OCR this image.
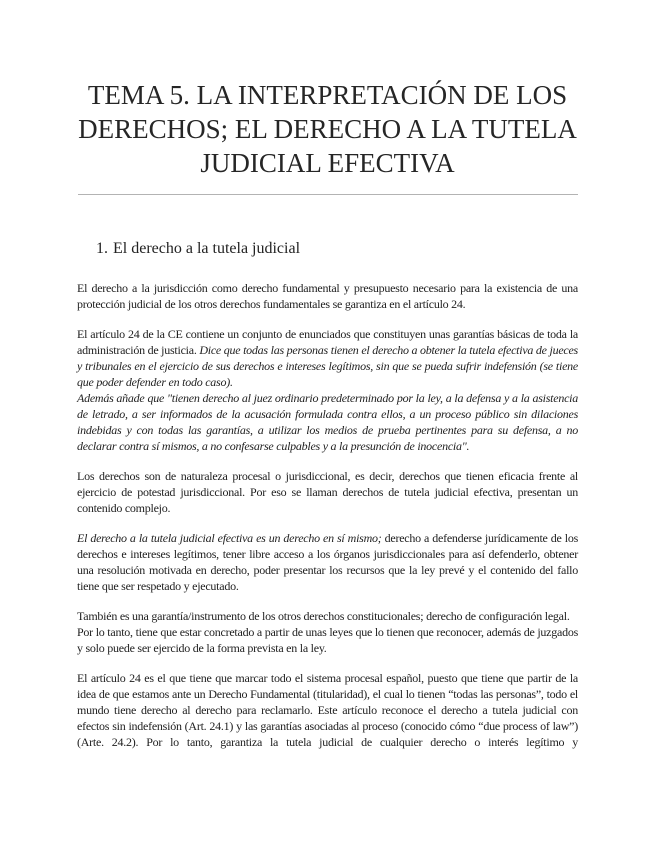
TEMA 5. LA INTERPRETACIÓN DE LOS
DERECHOS; EL DERECHO A LA TUTELA
JUDICIAL EFECTIVA
1. El derecho a la tutela judicial

El derecho a la jurisdicción como derecho fundamental y presupuesto necesario para la existencia de una protección judicial de los otros derechos fundamentales se garantiza en el artículo 24.

El artículo 24 de la CE contiene un conjunto de enunciados que constituyen unas garantías básicas de toda la administración de justicia. Dice que todas las personas tienen el derecho a obtener la tutela efectiva de jueces y tribunales en el ejercicio de sus derechos e intereses legítimos, sin que se pueda sufrir indefensión (se tiene que poder defender en todo caso).
Además añade que "tienen derecho al juez ordinario predeterminado por la ley, a la defensa y a la asistencia de letrado, a ser informados de la acusación formulada contra ellos, a un proceso público sin dilaciones indebidas y con todas las garantías, a utilizar los medios de prueba pertinentes para su defensa, a no declarar contra sí mismos, a no confesarse culpables y a la presunción de inocencia".

Los derechos son de naturaleza procesal o jurisdiccional, es decir, derechos que tienen eficacia frente al ejercicio de potestad jurisdiccional. Por eso se llaman derechos de tutela judicial efectiva, presentan un contenido complejo.

El derecho a la tutela judicial efectiva es un derecho en sí mismo; derecho a defenderse jurídicamente de los derechos e intereses legítimos, tener libre acceso a los órganos jurisdiccionales para así defenderlo, obtener una resolución motivada en derecho, poder presentar los recursos que la ley prevé y el contenido del fallo tiene que ser respetado y ejecutado.

También es una garantía/instrumento de los otros derechos constitucionales; derecho de configuración legal.
Por lo tanto, tiene que estar concretado a partir de unas leyes que lo tienen que reconocer, además de juzgados y solo puede ser ejercido de la forma prevista en la ley.

El artículo 24 es el que tiene que marcar todo el sistema procesal español, puesto que tiene que partir de la idea de que estamos ante un Derecho Fundamental (titularidad), el cual lo tienen “todas las personas”, todo el mundo tiene derecho al derecho para reclamarlo. Este artículo reconoce el derecho a tutela judicial con efectos sin indefensión (Art. 24.1) y las garantías asociadas al proceso (conocido cómo “due process of law”) (Arte. 24.2). Por lo tanto, garantiza la tutela judicial de cualquier derecho o interés legítimo y
